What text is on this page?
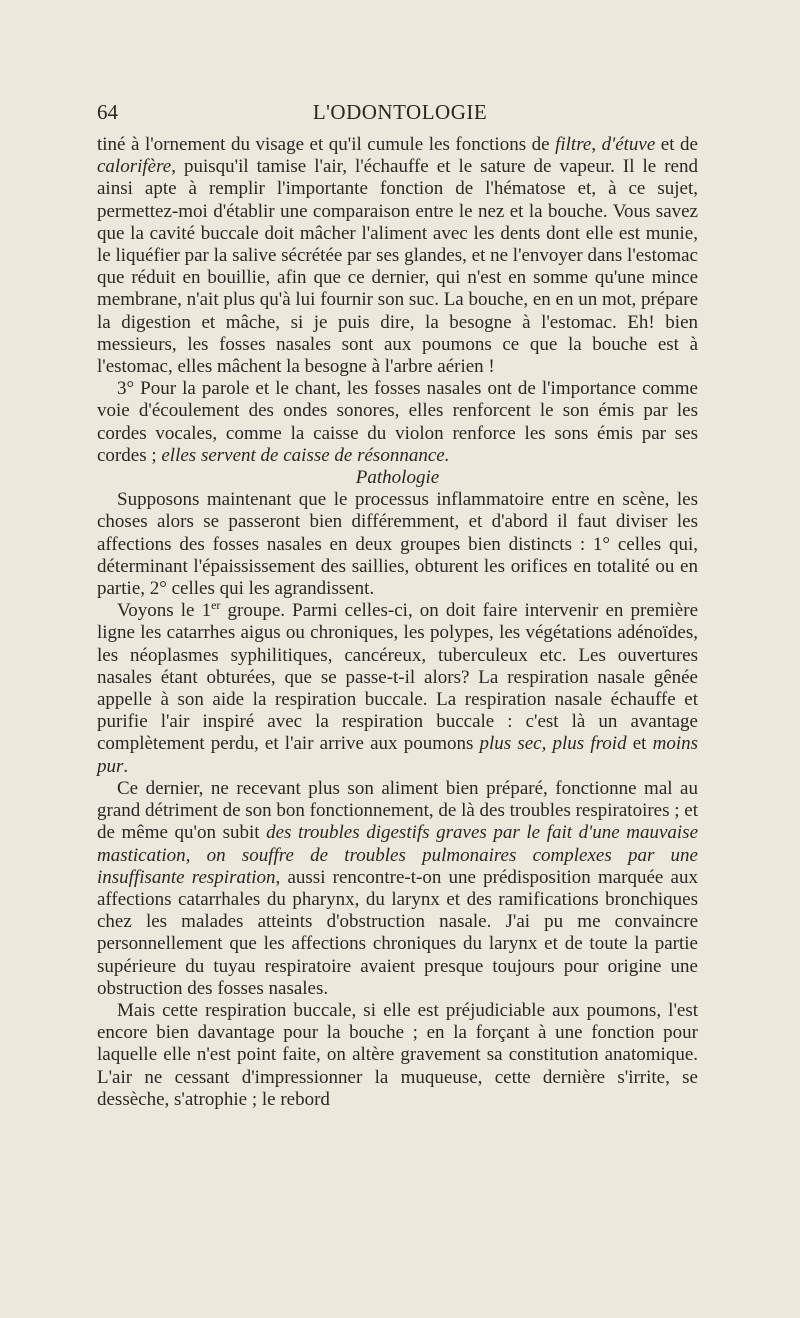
64	L'ODONTOLOGIE

tiné à l'ornement du visage et qu'il cumule les fonctions de filtre, d'étuve et de calorifère, puisqu'il tamise l'air, l'échauffe et le sature de vapeur. Il le rend ainsi apte à remplir l'importante fonction de l'hématose et, à ce sujet, permettez-moi d'établir une comparaison entre le nez et la bouche. Vous savez que la cavité buccale doit mâcher l'aliment avec les dents dont elle est munie, le liquéfier par la salive sécrétée par ses glandes, et ne l'envoyer dans l'estomac que réduit en bouillie, afin que ce dernier, qui n'est en somme qu'une mince membrane, n'ait plus qu'à lui fournir son suc. La bouche, en en un mot, prépare la digestion et mâche, si je puis dire, la besogne à l'estomac. Eh! bien messieurs, les fosses nasales sont aux poumons ce que la bouche est à l'estomac, elles mâchent la besogne à l'arbre aérien !

3° Pour la parole et le chant, les fosses nasales ont de l'importance comme voie d'écoulement des ondes sonores, elles renforcent le son émis par les cordes vocales, comme la caisse du violon renforce les sons émis par ses cordes ; elles servent de caisse de résonnance.

Pathologie

Supposons maintenant que le processus inflammatoire entre en scène, les choses alors se passeront bien différemment, et d'abord il faut diviser les affections des fosses nasales en deux groupes bien distincts : 1° celles qui, déterminant l'épaississement des saillies, obturent les orifices en totalité ou en partie, 2° celles qui les agrandissent.

Voyons le 1er groupe. Parmi celles-ci, on doit faire intervenir en première ligne les catarrhes aigus ou chroniques, les polypes, les végétations adénoïdes, les néoplasmes syphilitiques, cancéreux, tuberculeux etc. Les ouvertures nasales étant obturées, que se passe-t-il alors? La respiration nasale gênée appelle à son aide la respiration buccale. La respiration nasale échauffe et purifie l'air inspiré avec la respiration buccale : c'est là un avantage complètement perdu, et l'air arrive aux poumons plus sec, plus froid et moins pur.

Ce dernier, ne recevant plus son aliment bien préparé, fonctionne mal au grand détriment de son bon fonctionnement, de là des troubles respiratoires ; et de même qu'on subit des troubles digestifs graves par le fait d'une mauvaise mastication, on souffre de troubles pulmonaires complexes par une insuffisante respiration, aussi rencontre-t-on une prédisposition marquée aux affections catarrhales du pharynx, du larynx et des ramifications bronchiques chez les malades atteints d'obstruction nasale. J'ai pu me convaincre personnellement que les affections chroniques du larynx et de toute la partie supérieure du tuyau respiratoire avaient presque toujours pour origine une obstruction des fosses nasales.

Mais cette respiration buccale, si elle est préjudiciable aux poumons, l'est encore bien davantage pour la bouche ; en la forçant à une fonction pour laquelle elle n'est point faite, on altère gravement sa constitution anatomique. L'air ne cessant d'impressionner la muqueuse, cette dernière s'irrite, se dessèche, s'atrophie ; le rebord
